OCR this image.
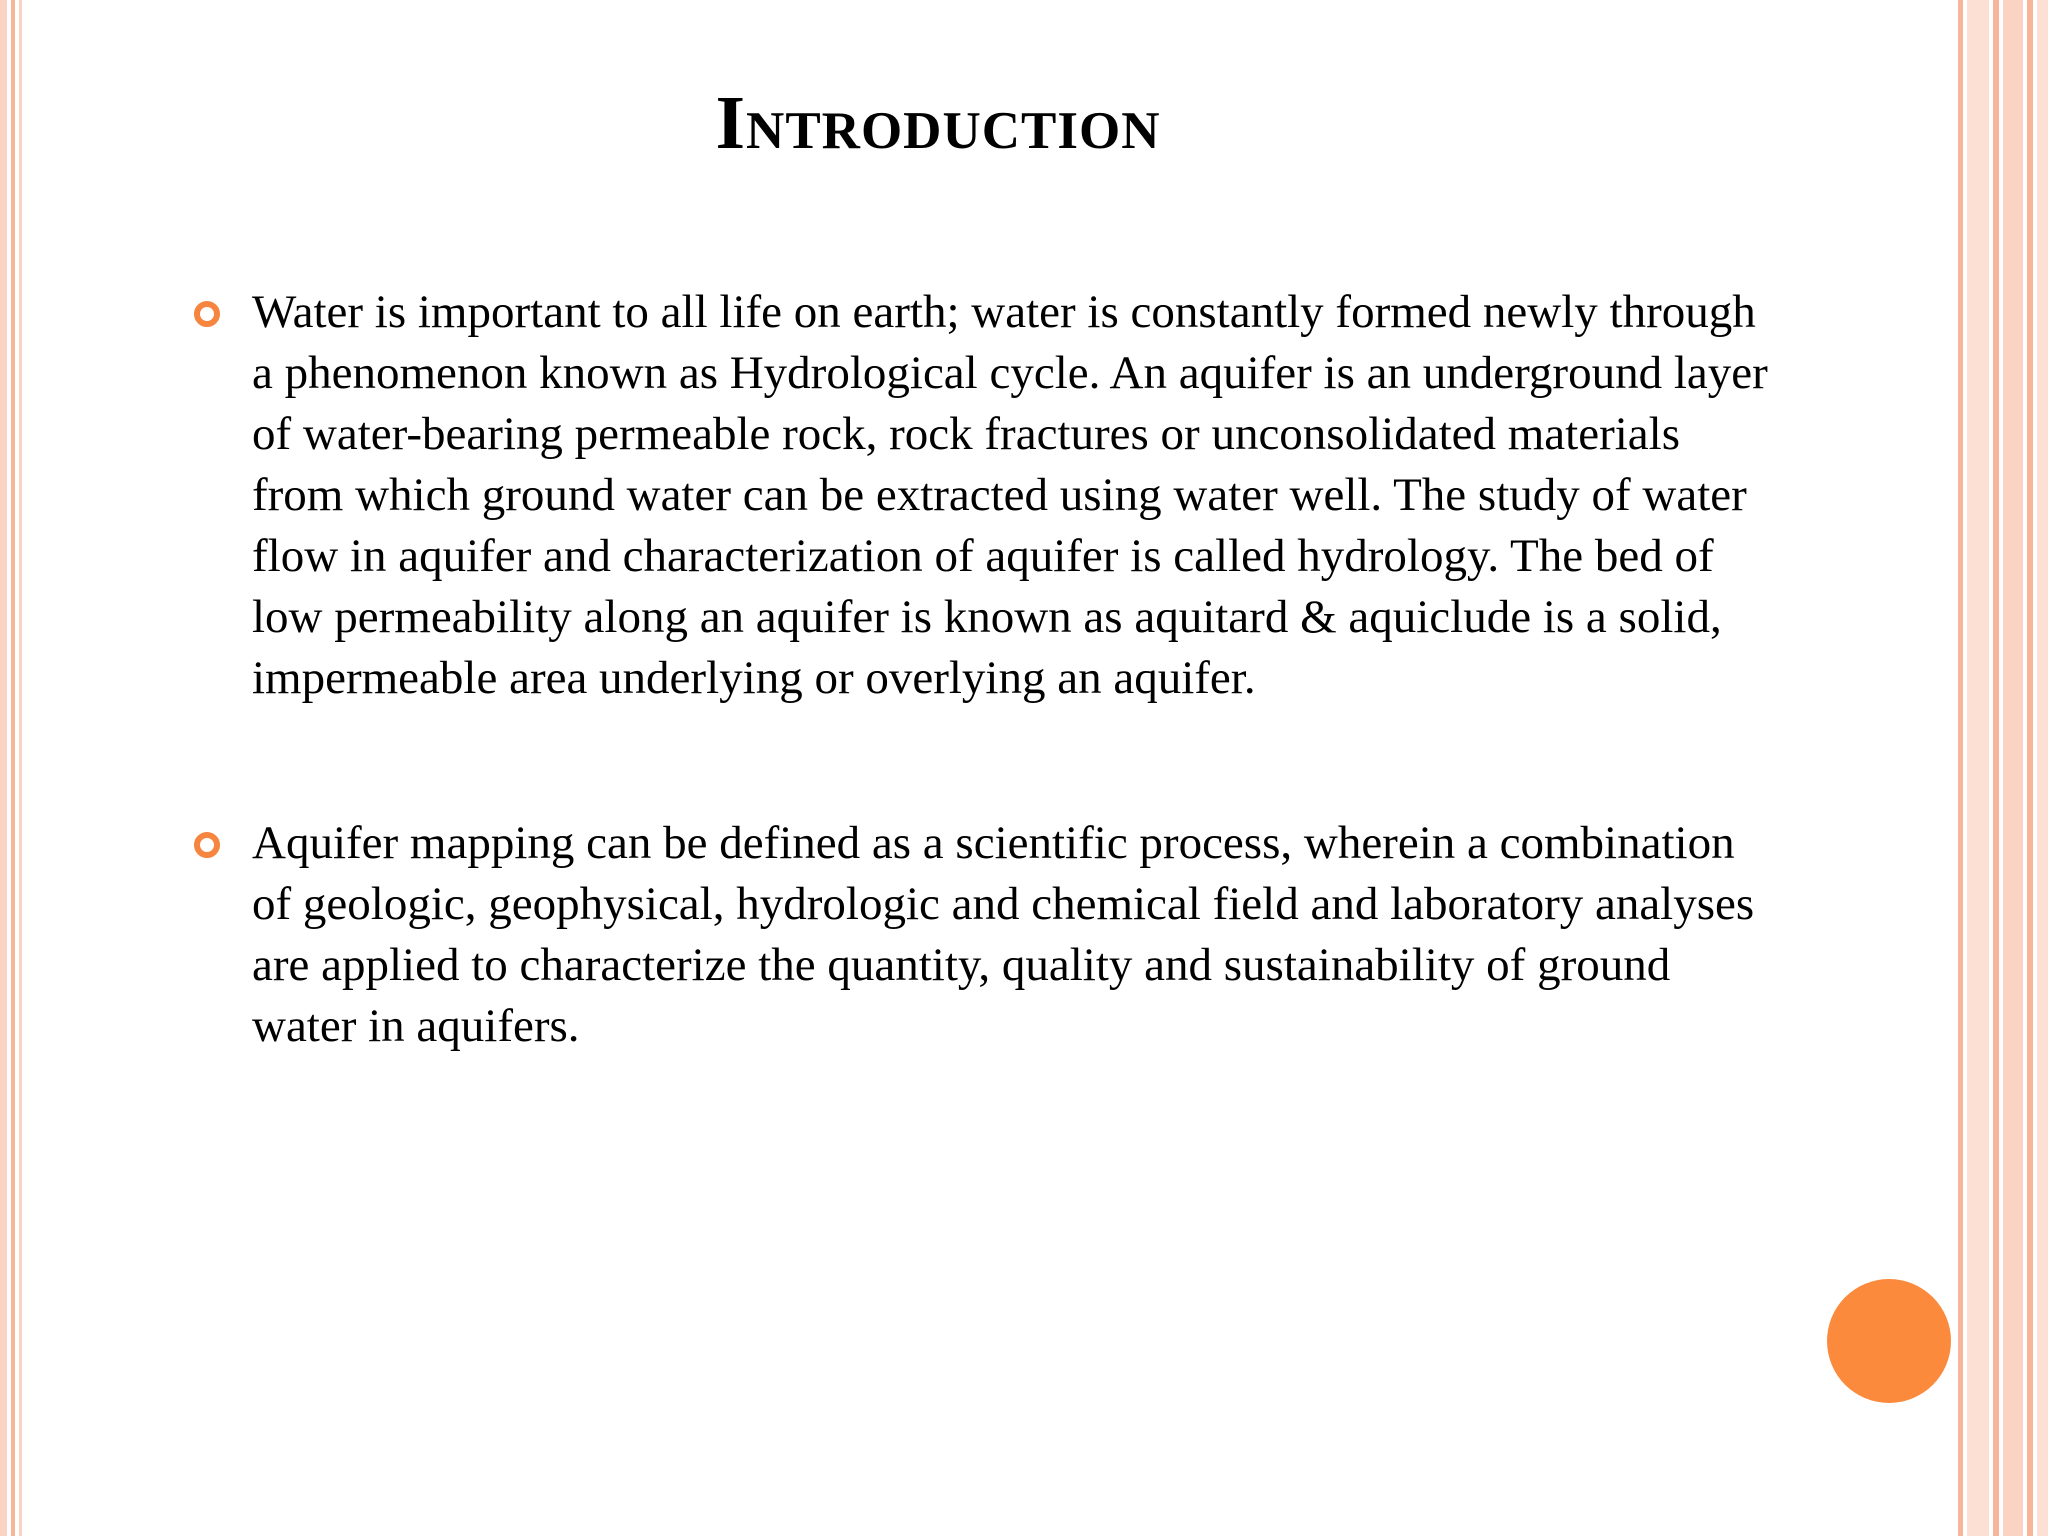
Introduction
Water is important to all life on earth; water is constantly formed newly through a phenomenon known as Hydrological cycle. An aquifer is an underground layer of water-bearing permeable rock, rock fractures or unconsolidated materials from which ground water can be extracted using water well. The study of water flow in aquifer and characterization of aquifer is called hydrology. The bed of low permeability along an aquifer is known as aquitard & aquiclude is a solid, impermeable area underlying or overlying an aquifer.
Aquifer mapping can be defined as a scientific process, wherein a combination of geologic, geophysical, hydrologic and chemical field and laboratory analyses are applied to characterize the quantity, quality and sustainability of ground water in aquifers.
